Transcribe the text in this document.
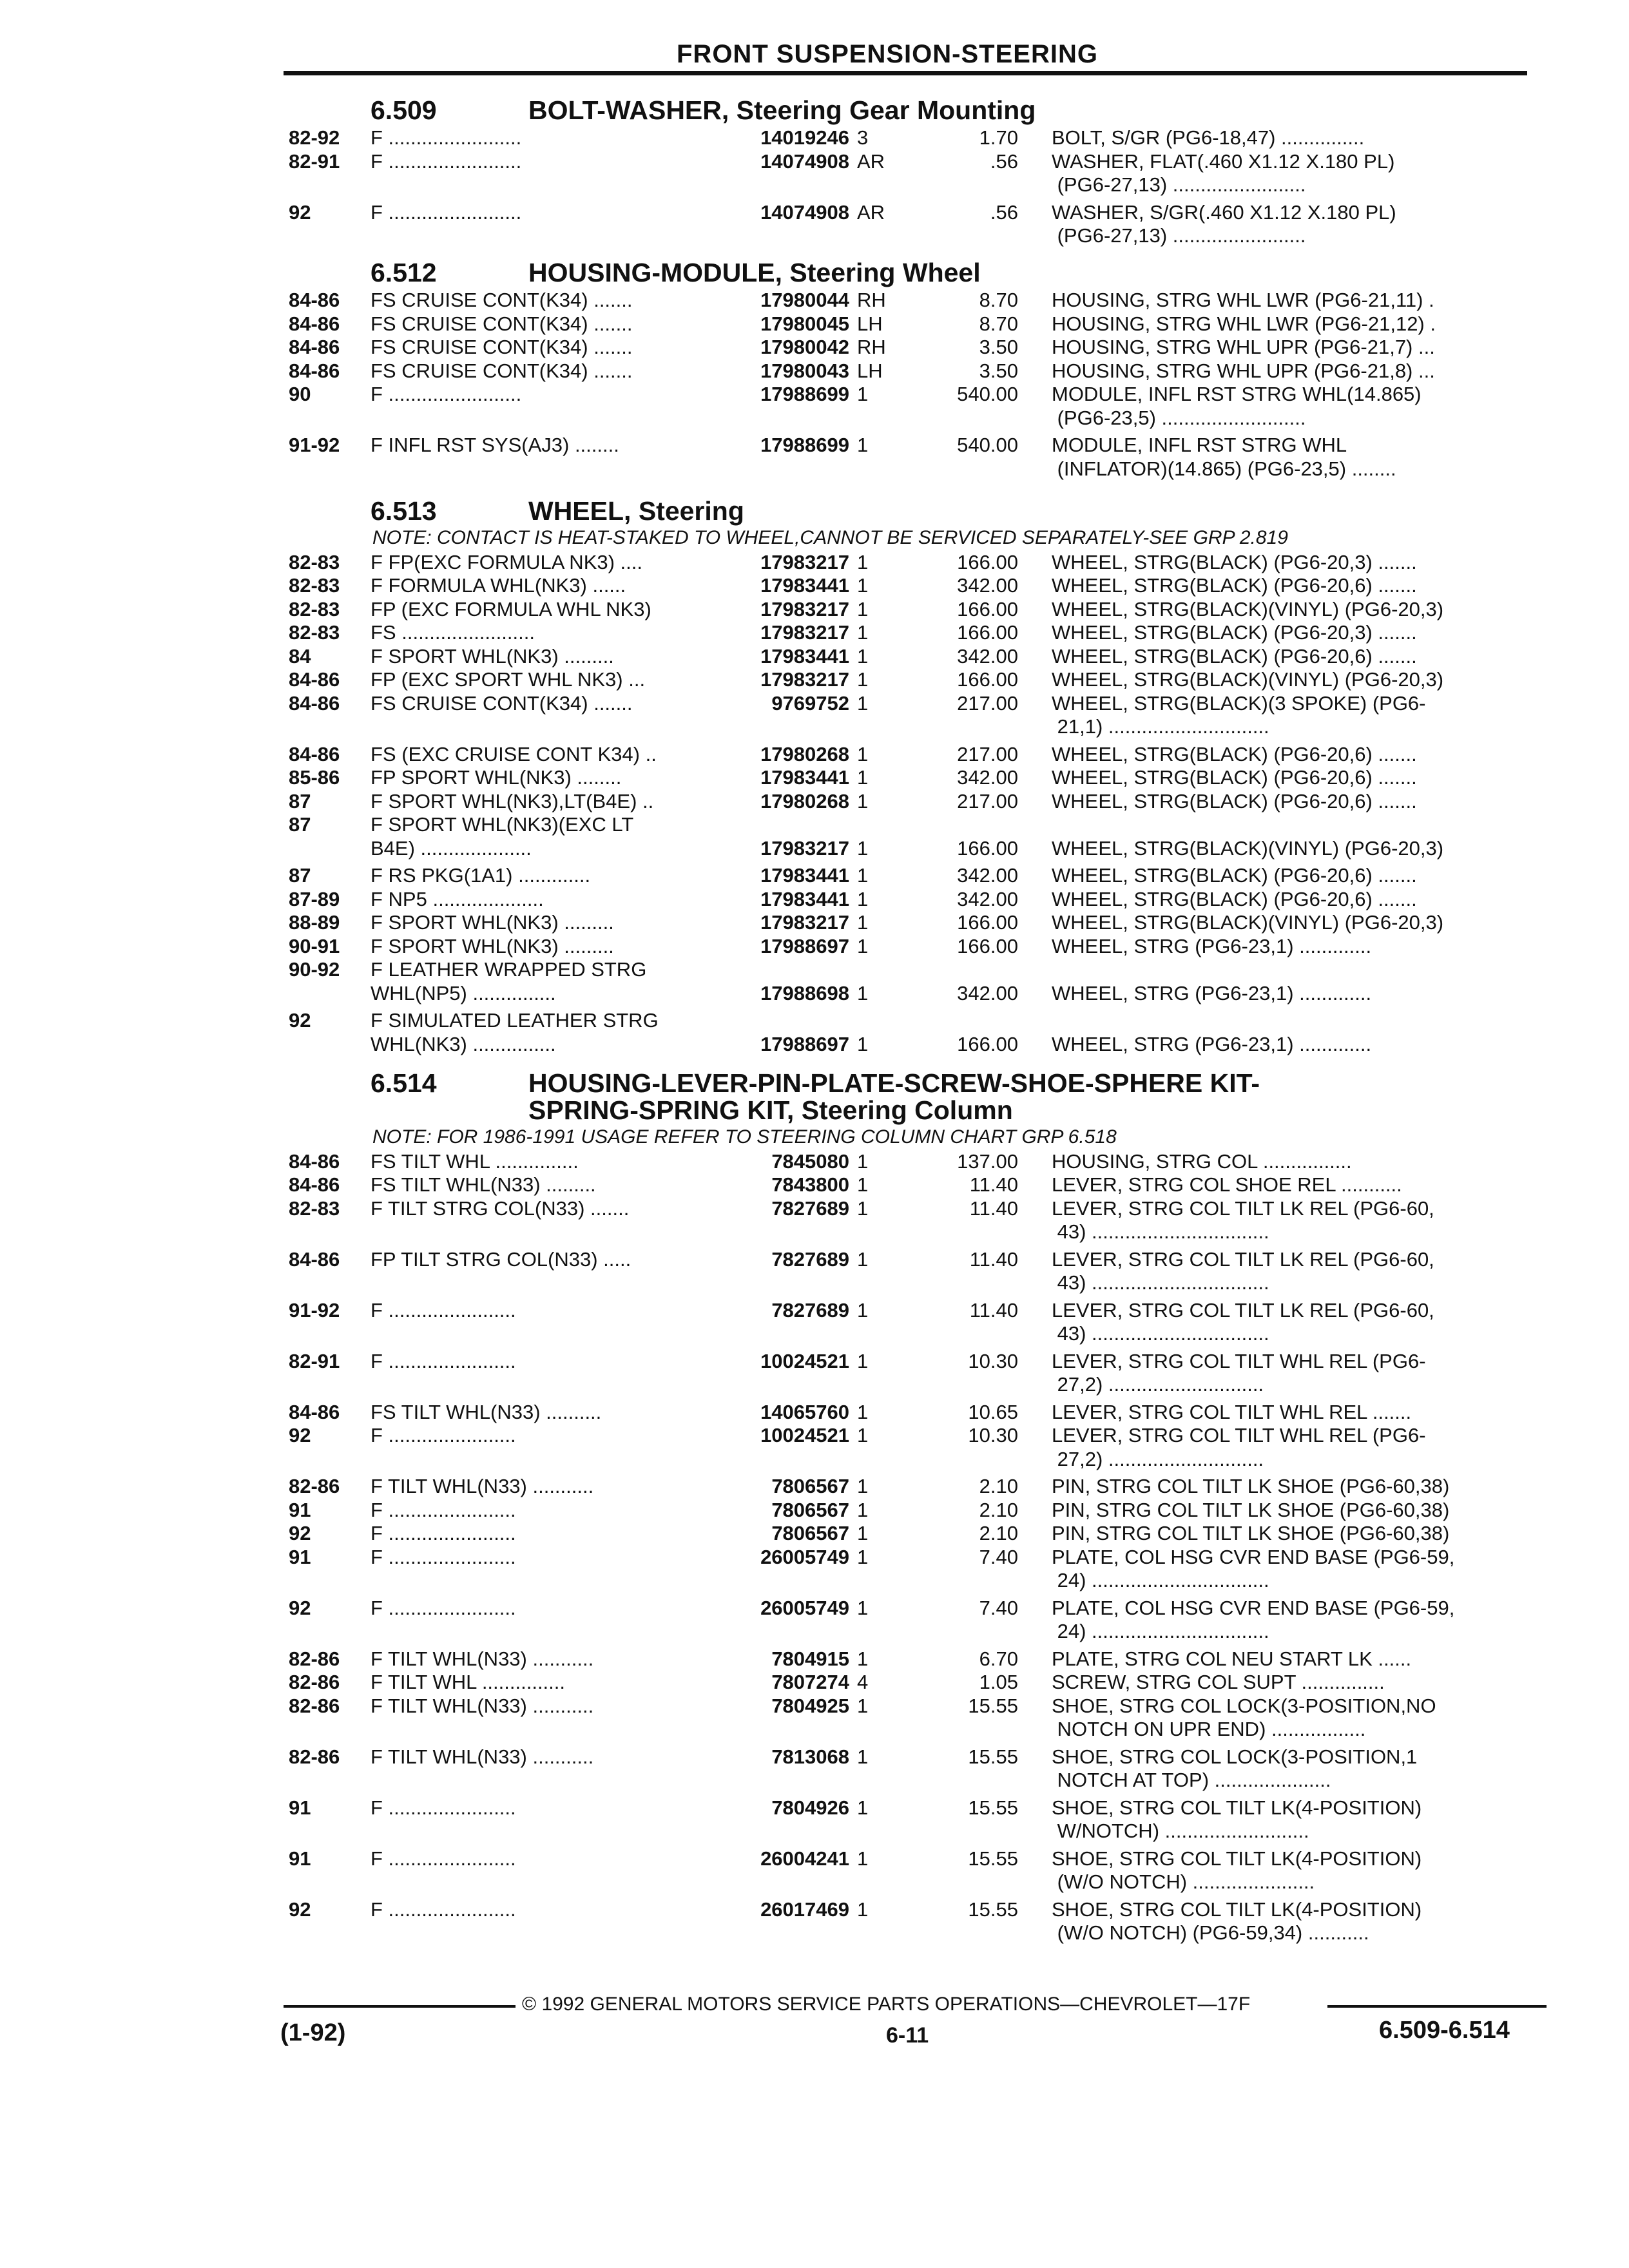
FRONT SUSPENSION-STEERING
6.509	BOLT-WASHER, Steering Gear Mounting
82-92 F ........................	14019246 3	1.70 BOLT, S/GR (PG6-18,47) ...............
82-91 F ........................	14074908 AR	.56 WASHER, FLAT(.460 X1.12 X.180 PL)
(PG6-27,13) ........................
92	F ........................	14074908 AR	.56 WASHER, S/GR(.460 X1.12 X.180 PL)
(PG6-27,13) ........................
6.512	HOUSING-MODULE, Steering Wheel
84-86 FS CRUISE CONT(K34) .......	17980044 RH	8.70 HOUSING, STRG WHL LWR (PG6-21,11) .
84-86 FS CRUISE CONT(K34) .......	17980045 LH	8.70 HOUSING, STRG WHL LWR (PG6-21,12) .
84-86 FS CRUISE CONT(K34) .......	17980042 RH	3.50 HOUSING, STRG WHL UPR (PG6-21,7) ...
84-86 FS CRUISE CONT(K34) .......	17980043 LH	3.50 HOUSING, STRG WHL UPR (PG6-21,8) ...
90	F ........................	17988699 1	540.00 MODULE, INFL RST STRG WHL(14.865)
(PG6-23,5) ..........................
91-92 F INFL RST SYS(AJ3) ........	17988699 1	540.00 MODULE, INFL RST STRG WHL
(INFLATOR)(14.865) (PG6-23,5) ........
6.513	WHEEL, Steering
NOTE: CONTACT IS HEAT-STAKED TO WHEEL,CANNOT BE SERVICED SEPARATELY-SEE GRP 2.819
82-83 F FP(EXC FORMULA NK3) ....	17983217 1	166.00 WHEEL, STRG(BLACK) (PG6-20,3) .......
82-83 F FORMULA WHL(NK3) ......	17983441 1	342.00 WHEEL, STRG(BLACK) (PG6-20,6) .......
82-83 FP (EXC FORMULA WHL NK3)	17983217 1	166.00 WHEEL, STRG(BLACK)(VINYL) (PG6-20,3)
82-83 FS ........................	17983217 1	166.00 WHEEL, STRG(BLACK) (PG6-20,3) .......
84	F SPORT WHL(NK3) .........	17983441 1	342.00 WHEEL, STRG(BLACK) (PG6-20,6) .......
84-86 FP (EXC SPORT WHL NK3) ...	17983217 1	166.00 WHEEL, STRG(BLACK)(VINYL) (PG6-20,3)
84-86 FS CRUISE CONT(K34) .......	9769752 1	217.00 WHEEL, STRG(BLACK)(3 SPOKE) (PG6-
21,1) .............................
84-86 FS (EXC CRUISE CONT K34) ..	17980268 1	217.00 WHEEL, STRG(BLACK) (PG6-20,6) .......
85-86 FP SPORT WHL(NK3) ........	17983441 1	342.00 WHEEL, STRG(BLACK) (PG6-20,6) .......
87	F SPORT WHL(NK3),LT(B4E) ..	17980268 1	217.00 WHEEL, STRG(BLACK) (PG6-20,6) .......
87	F SPORT WHL(NK3)(EXC LT
B4E) ....................	17983217 1	166.00 WHEEL, STRG(BLACK)(VINYL) (PG6-20,3)
87	F RS PKG(1A1) .............	17983441 1	342.00 WHEEL, STRG(BLACK) (PG6-20,6) .......
87-89 F NP5 ....................	17983441 1	342.00 WHEEL, STRG(BLACK) (PG6-20,6) .......
88-89 F SPORT WHL(NK3) .........	17983217 1	166.00 WHEEL, STRG(BLACK)(VINYL) (PG6-20,3)
90-91 F SPORT WHL(NK3) .........	17988697 1	166.00 WHEEL, STRG (PG6-23,1) .............
90-92 F LEATHER WRAPPED STRG
WHL(NP5) ...............	17988698 1	342.00 WHEEL, STRG (PG6-23,1) .............
92	F SIMULATED LEATHER STRG
WHL(NK3) ...............	17988697 1	166.00 WHEEL, STRG (PG6-23,1) .............
6.514	HOUSING-LEVER-PIN-PLATE-SCREW-SHOE-SPHERE KIT-
SPRING-SPRING KIT, Steering Column
NOTE: FOR 1986-1991 USAGE REFER TO STEERING COLUMN CHART GRP 6.518
84-86 FS TILT WHL ...............	7845080 1	137.00 HOUSING, STRG COL ................
84-86 FS TILT WHL(N33) .........	7843800 1	11.40 LEVER, STRG COL SHOE REL ...........
82-83 F TILT STRG COL(N33) .......	7827689 1	11.40 LEVER, STRG COL TILT LK REL (PG6-60,
43) ................................
84-86 FP TILT STRG COL(N33) .....	7827689 1	11.40 LEVER, STRG COL TILT LK REL (PG6-60,
43) ................................
91-92 F .......................	7827689 1	11.40 LEVER, STRG COL TILT LK REL (PG6-60,
43) ................................
82-91 F .......................	10024521 1	10.30 LEVER, STRG COL TILT WHL REL (PG6-
27,2) ............................
84-86 FS TILT WHL(N33) ..........	14065760 1	10.65 LEVER, STRG COL TILT WHL REL .......
92	F .......................	10024521 1	10.30 LEVER, STRG COL TILT WHL REL (PG6-
27,2) ............................
82-86 F TILT WHL(N33) ...........	7806567 1	2.10 PIN, STRG COL TILT LK SHOE (PG6-60,38)
91	F .......................	7806567 1	2.10 PIN, STRG COL TILT LK SHOE (PG6-60,38)
92	F .......................	7806567 1	2.10 PIN, STRG COL TILT LK SHOE (PG6-60,38)
91	F .......................	26005749 1	7.40 PLATE, COL HSG CVR END BASE (PG6-59,
24) ................................
92	F .......................	26005749 1	7.40 PLATE, COL HSG CVR END BASE (PG6-59,
24) ................................
82-86 F TILT WHL(N33) ...........	7804915 1	6.70 PLATE, STRG COL NEU START LK ......
82-86 F TILT WHL ...............	7807274 4	1.05 SCREW, STRG COL SUPT ...............
82-86 F TILT WHL(N33) ...........	7804925 1	15.55 SHOE, STRG COL LOCK(3-POSITION,NO
NOTCH ON UPR END) .................
82-86 F TILT WHL(N33) ...........	7813068 1	15.55 SHOE, STRG COL LOCK(3-POSITION,1
NOTCH AT TOP) .....................
91	F .......................	7804926 1	15.55 SHOE, STRG COL TILT LK(4-POSITION)
W/NOTCH) ..........................
91	F .......................	26004241 1	15.55 SHOE, STRG COL TILT LK(4-POSITION)
(W/O NOTCH) ......................
92	F .......................	26017469 1	15.55 SHOE, STRG COL TILT LK(4-POSITION)
(W/O NOTCH) (PG6-59,34) ...........
© 1992 GENERAL MOTORS SERVICE PARTS OPERATIONS—CHEVROLET—17F
(1-92)	6-11	6.509-6.514
